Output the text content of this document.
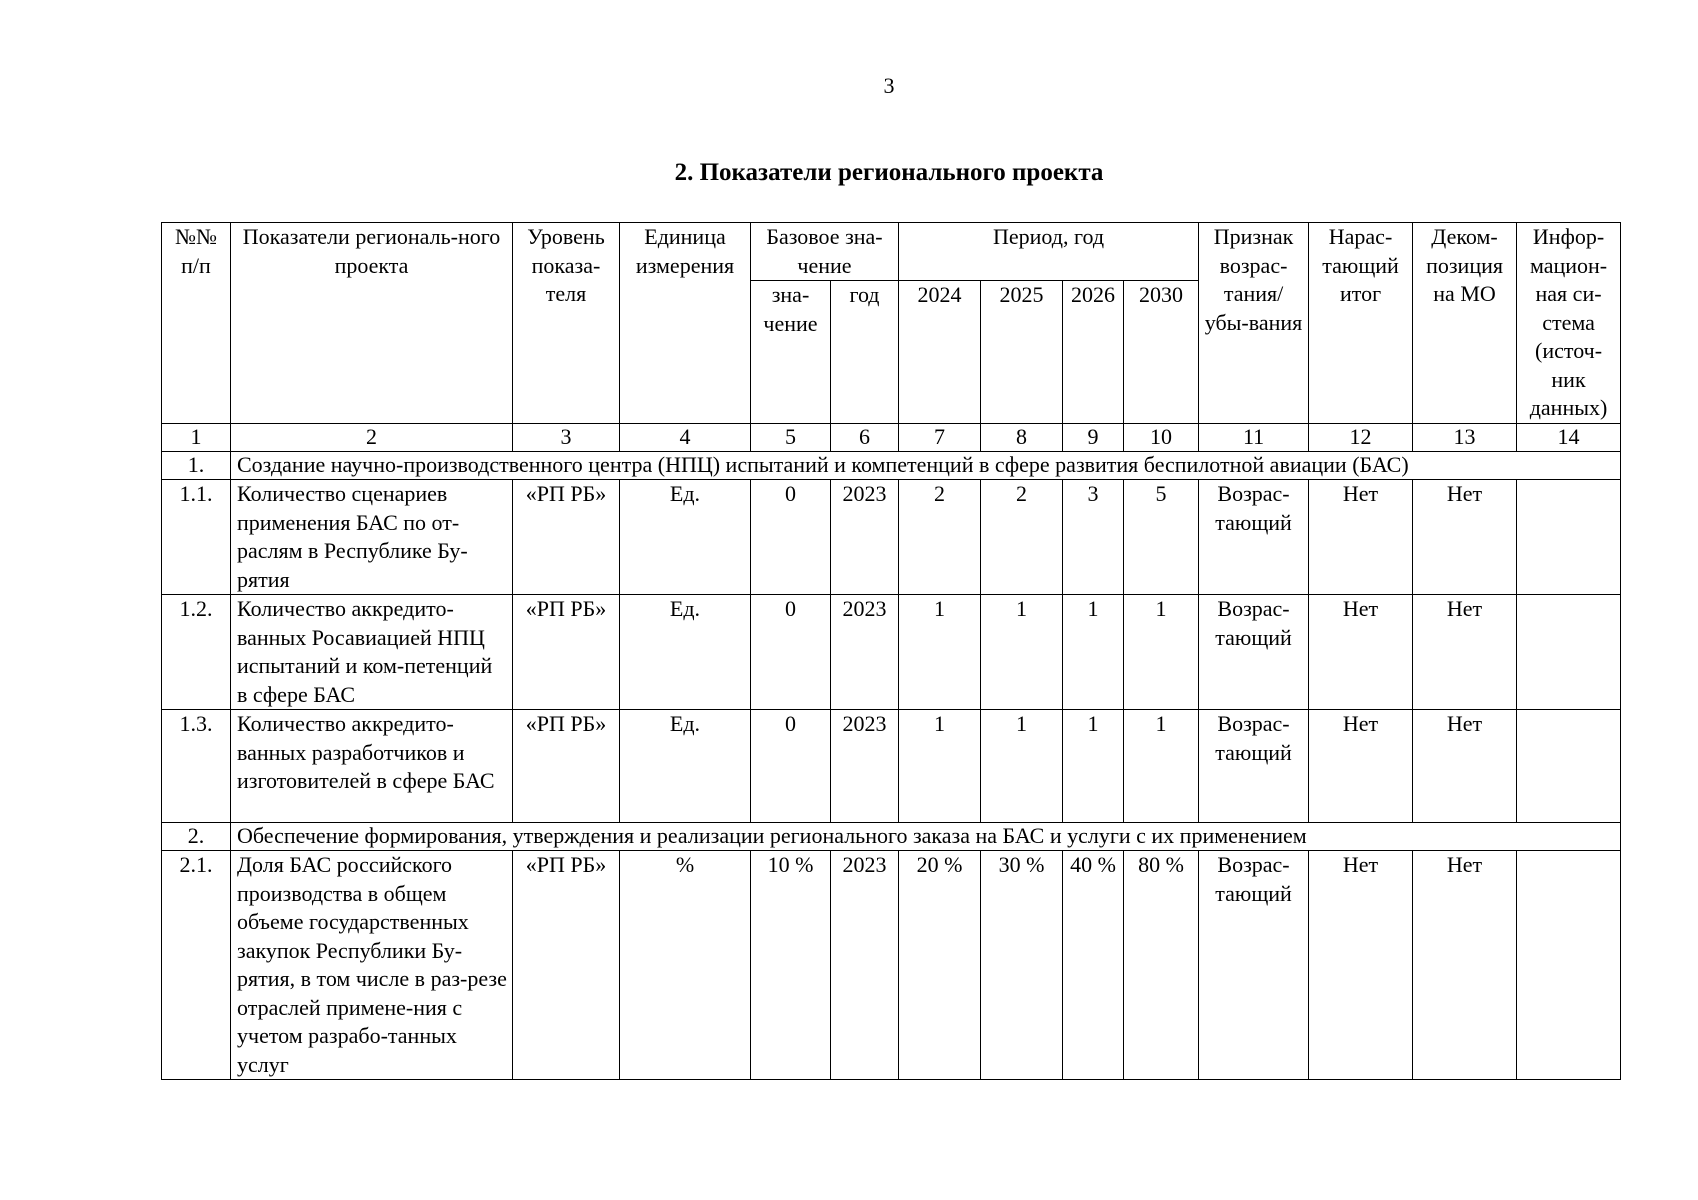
3
2. Показатели регионального проекта
№№ п/п	Показатели региональ-ного проекта	Уровень показа-теля	Единица измерения	Базовое зна-чение		Период, год				Признак возрас-тания/ убы-вания	Нарас-тающий итог	Деком-позиция на МО	Инфор-мацион-ная си-стема (источ-ник данных)
				зна-чение	год	2024	2025	2026	2030				
1	2	3	4	5	6	7	8	9	10	11	12	13	14
1.	Создание научно-производственного центра (НПЦ) испытаний и компетенций в сфере развития беспилотной авиации (БАС)												
1.1.	Количество сценариев применения БАС по от-раслям в Республике Бу-рятия	«РП РБ»	Ед.	0	2023	2	2	3	5	Возрас-тающий	Нет	Нет	
1.2.	Количество аккредито-ванных Росавиацией НПЦ испытаний и ком-петенций в сфере БАС	«РП РБ»	Ед.	0	2023	1	1	1	1	Возрас-тающий	Нет	Нет	
1.3.	Количество аккредито-ванных разработчиков и изготовителей в сфере БАС	«РП РБ»	Ед.	0	2023	1	1	1	1	Возрас-тающий	Нет	Нет	
2.	Обеспечение формирования, утверждения и реализации регионального заказа на БАС и услуги с их применением												
2.1.	Доля БАС российского производства в общем объеме государственных закупок Республики Бу-рятия, в том числе в раз-резе отраслей примене-ния с учетом разрабо-танных услуг	«РП РБ»	%	10 %	2023	20 %	30 %	40 %	80 %	Возрас-тающий	Нет	Нет	
